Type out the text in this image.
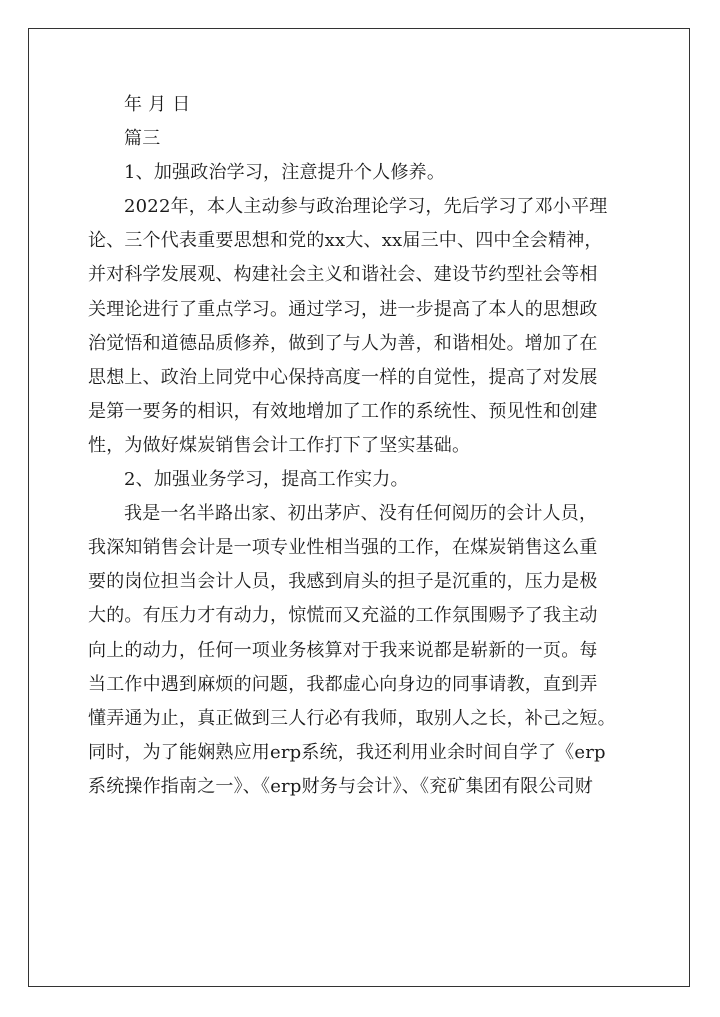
年 月 日
篇三
1、加强政治学习，注意提升个人修养。
2022年，本人主动参与政治理论学习，先后学习了邓小平理
论、三个代表重要思想和党的xx大、xx届三中、四中全会精神，
并对科学发展观、构建社会主义和谐社会、建设节约型社会等相
关理论进行了重点学习。通过学习，进一步提高了本人的思想政
治觉悟和道德品质修养，做到了与人为善，和谐相处。增加了在
思想上、政治上同党中心保持高度一样的自觉性，提高了对发展
是第一要务的相识，有效地增加了工作的系统性、预见性和创建
性，为做好煤炭销售会计工作打下了坚实基础。
2、加强业务学习，提高工作实力。
我是一名半路出家、初出茅庐、没有任何阅历的会计人员，
我深知销售会计是一项专业性相当强的工作，在煤炭销售这么重
要的岗位担当会计人员，我感到肩头的担子是沉重的，压力是极
大的。有压力才有动力，惊慌而又充溢的工作氛围赐予了我主动
向上的动力，任何一项业务核算对于我来说都是崭新的一页。每
当工作中遇到麻烦的问题，我都虚心向身边的同事请教，直到弄
懂弄通为止，真正做到三人行必有我师，取别人之长，补己之短。
同时，为了能娴熟应用erp系统，我还利用业余时间自学了《erp
系统操作指南之一》、《erp财务与会计》、《兖矿集团有限公司财
